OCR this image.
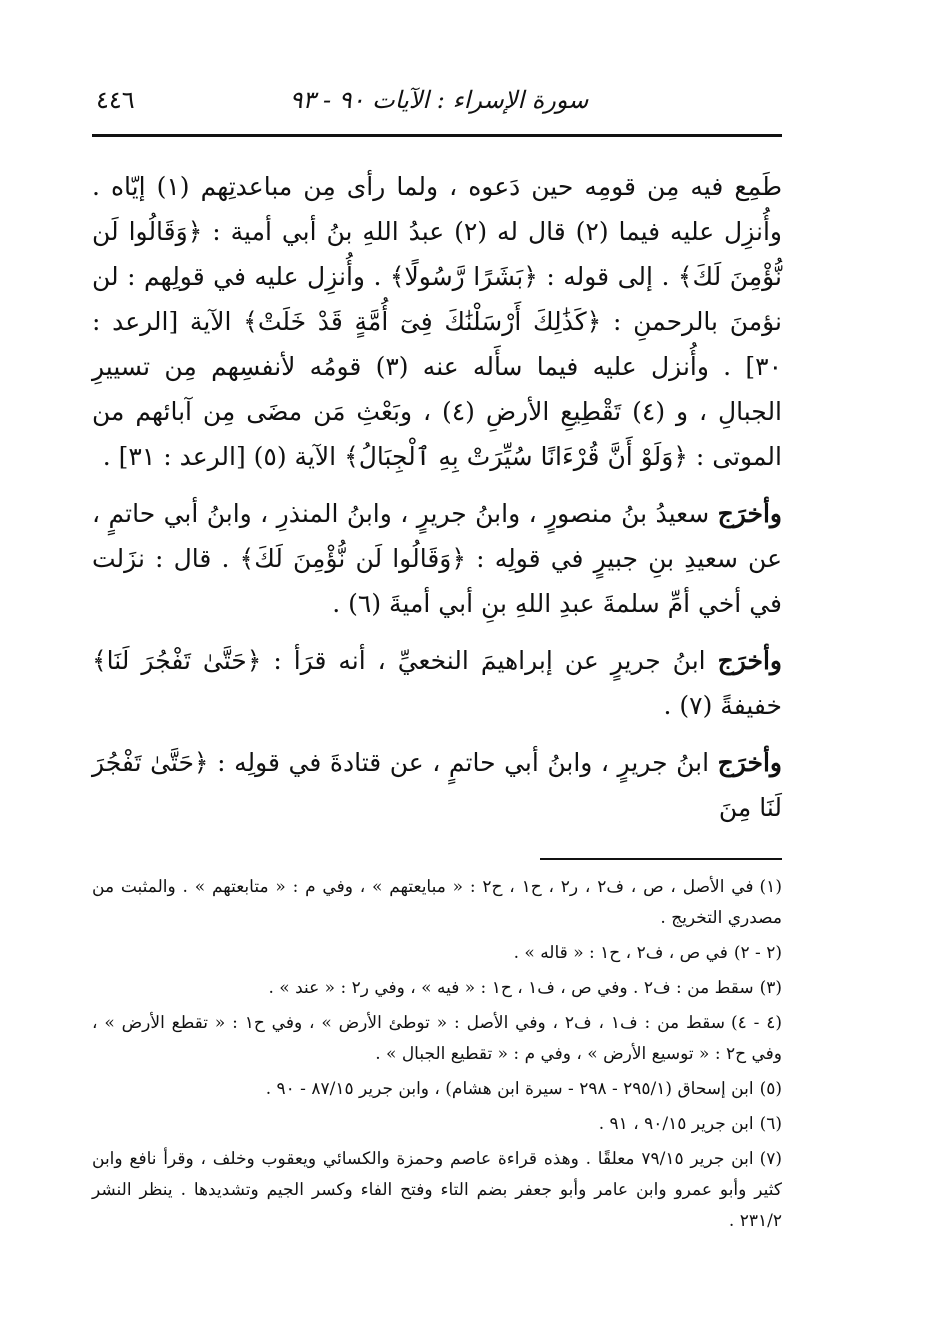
٤٤٦	سورة الإسراء : الآيات ٩٠ - ٩٣

طَمِع فيه مِن قومِه حين دَعوه ، ولما رأى مِن مباعدتِهم (١) إيّاه . وأُنزِل عليه فيما (٢) قال له (٢) عبدُ اللهِ بنُ أبي أمية : ﴿وَقَالُوا لَن نُّؤْمِنَ لَكَ﴾ . إلى قوله : ﴿بَشَرًا رَّسُولًا﴾ . وأُنزِل عليه في قولِهم : لن نؤمنَ بالرحمنِ : ﴿كَذَٰلِكَ أَرْسَلْنَٰكَ فِىٓ أُمَّةٍ قَدْ خَلَتْ﴾ الآية [الرعد : ٣٠] . وأُنزل عليه فيما سأَله عنه (٣) قومُه لأنفسِهم مِن تسييرِ الجبالِ ، و (٤) تَقْطِيعِ الأرضِ (٤) ، وبَعْثِ مَن مضَى مِن آبائهم من الموتى : ﴿وَلَوْ أَنَّ قُرْءَانًا سُيِّرَتْ بِهِ ٱلْجِبَالُ﴾ الآية (٥) [الرعد : ٣١] .

وأخرَج سعيدُ بنُ منصورٍ ، وابنُ جريرٍ ، وابنُ المنذرِ ، وابنُ أبي حاتمٍ ، عن سعيدِ بنِ جبيرٍ في قولِه : ﴿وَقَالُوا لَن نُّؤْمِنَ لَكَ﴾ . قال : نزَلت في أخي أمِّ سلمةَ عبدِ اللهِ بنِ أبي أميةَ (٦) .

وأخرَج ابنُ جريرٍ عن إبراهيمَ النخعيِّ ، أنه قرَأ : ﴿حَتَّىٰ تَفْجُرَ لَنَا﴾ خفيفةً (٧) .

وأخرَج ابنُ جريرٍ ، وابنُ أبي حاتمٍ ، عن قتادةَ في قولِه : ﴿حَتَّىٰ تَفْجُرَ لَنَا مِنَ

(١)في الأصل ، ص ، ف٢ ، ر٢ ، ح١ ، ح٢ : « مبايعتهم » ، وفي م : « متابعتهم » . والمثبت من مصدري التخريج .

(٢ - ٢)في ص ، ف٢ ، ح١ : « قاله » .

(٣)سقط من : ف٢ . وفي ص ، ف١ ، ح١ : « فيه » ، وفي ر٢ : « عند » .

(٤ - ٤)سقط من : ف١ ، ف٢ ، وفي الأصل : « توطئ الأرض » ، وفي ح١ : « تقطع الأرض » ، وفي ح٢ : « توسيع الأرض » ، وفي م : « تقطيع الجبال » .

(٥)ابن إسحاق (٢٩٥/١ - ٢٩٨ - سيرة ابن هشام) ، وابن جرير ٨٧/١٥ - ٩٠ .

(٦)ابن جرير ٩٠/١٥ ، ٩١ .

(٧)ابن جرير ٧٩/١٥ معلقًا . وهذه قراءة عاصم وحمزة والكسائي ويعقوب وخلف ، وقرأ نافع وابن كثير وأبو عمرو وابن عامر وأبو جعفر بضم التاء وفتح الفاء وكسر الجيم وتشديدها . ينظر النشر ٢٣١/٢ .
